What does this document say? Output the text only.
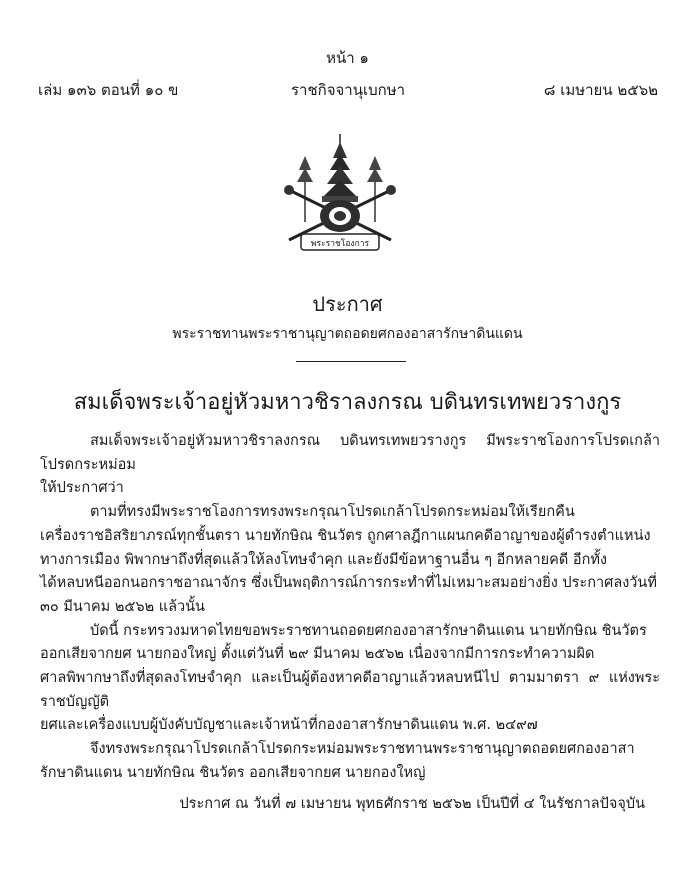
หน้า ๑
เล่ม ๑๓๖ ตอนที่ ๑๐ ข	ราชกิจจานุเบกษา	๘ เมษายน ๒๕๖๒
พระราชโองการ
ประกาศ
พระราชทานพระราชานุญาตถอดยศกองอาสารักษาดินแดน
สมเด็จพระเจ้าอยู่หัวมหาวชิราลงกรณ บดินทรเทพยวรางกูร

สมเด็จพระเจ้าอยู่หัวมหาวชิราลงกรณ บดินทรเทพยวรางกูร มีพระราชโองการโปรดเกล้าโปรดกระหม่อม

ให้ประกาศว่า

ตามที่ทรงมีพระราชโองการทรงพระกรุณาโปรดเกล้าโปรดกระหม่อมให้เรียกคืน

เครื่องราชอิสริยาภรณ์ทุกชั้นตรา นายทักษิณ ชินวัตร ถูกศาลฎีกาแผนกคดีอาญาของผู้ดำรงตำแหน่ง

ทางการเมือง พิพากษาถึงที่สุดแล้วให้ลงโทษจำคุก และยังมีข้อหาฐานอื่น ๆ อีกหลายคดี อีกทั้ง

ได้หลบหนีออกนอกราชอาณาจักร ซึ่งเป็นพฤติการณ์การกระทำที่ไม่เหมาะสมอย่างยิ่ง ประกาศลงวันที่

๓๐ มีนาคม ๒๕๖๒ แล้วนั้น

บัดนี้ กระทรวงมหาดไทยขอพระราชทานถอดยศกองอาสารักษาดินแดน นายทักษิณ ชินวัตร

ออกเสียจากยศ นายกองใหญ่ ตั้งแต่วันที่ ๒๙ มีนาคม ๒๕๖๒ เนื่องจากมีการกระทำความผิด

ศาลพิพากษาถึงที่สุดลงโทษจำคุก และเป็นผู้ต้องหาคดีอาญาแล้วหลบหนีไป ตามมาตรา ๙ แห่งพระราชบัญญัติ

ยศและเครื่องแบบผู้บังคับบัญชาและเจ้าหน้าที่กองอาสารักษาดินแดน พ.ศ. ๒๔๙๗

จึงทรงพระกรุณาโปรดเกล้าโปรดกระหม่อมพระราชทานพระราชานุญาตถอดยศกองอาสา

รักษาดินแดน นายทักษิณ ชินวัตร ออกเสียจากยศ นายกองใหญ่

ประกาศ ณ วันที่ ๗ เมษายน พุทธศักราช ๒๕๖๒ เป็นปีที่ ๔ ในรัชกาลปัจจุบัน
